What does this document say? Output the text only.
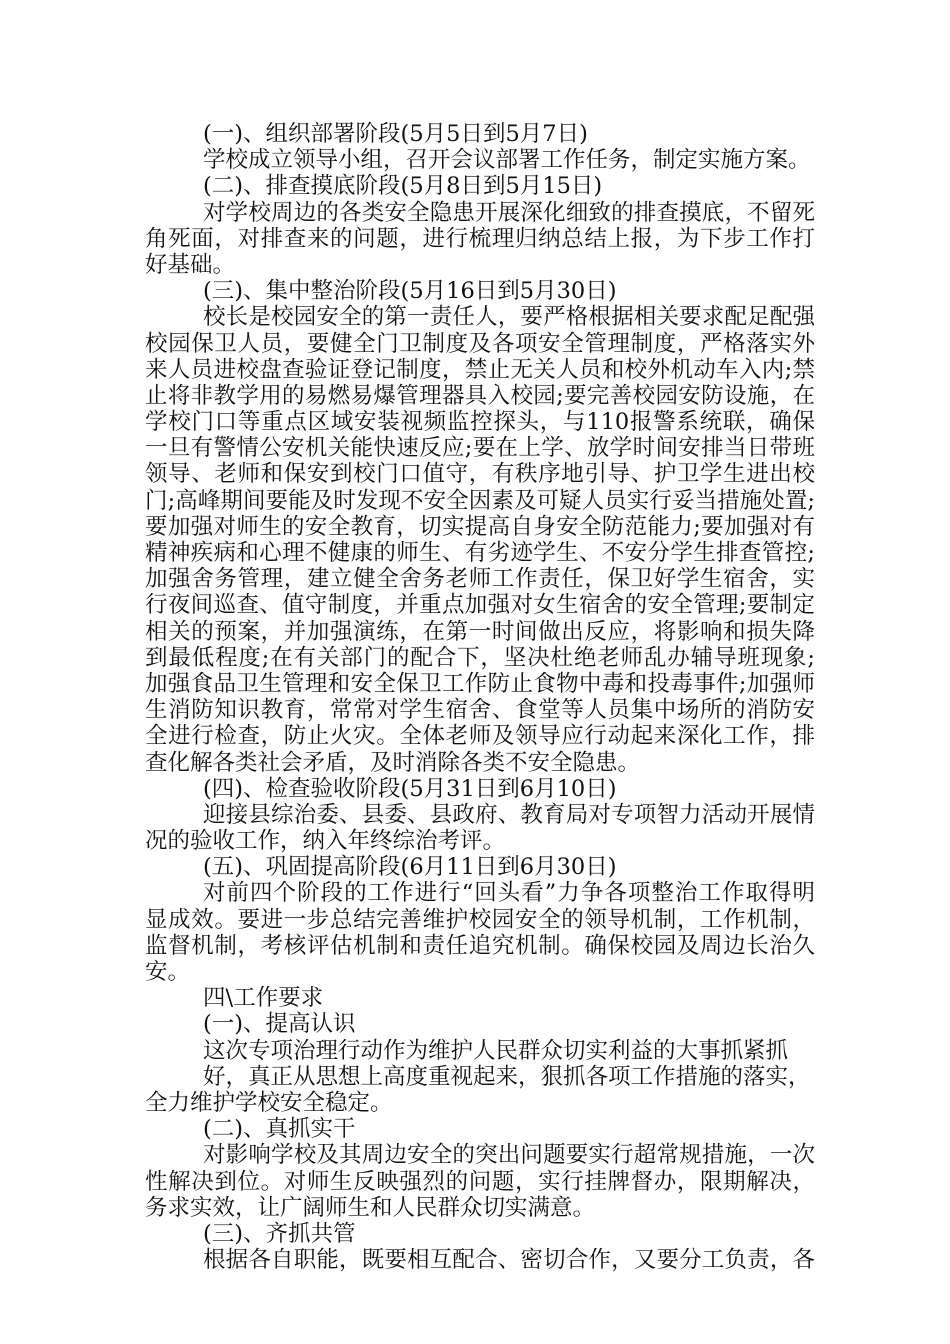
(一)、组织部署阶段(5月5日到5月7日)
学校成立领导小组，召开会议部署工作任务，制定实施方案。
(二)、排查摸底阶段(5月8日到5月15日)
对学校周边的各类安全隐患开展深化细致的排查摸底，不留死
角死面，对排查来的问题，进行梳理归纳总结上报，为下步工作打
好基础。
(三)、集中整治阶段(5月16日到5月30日)
校长是校园安全的第一责任人，要严格根据相关要求配足配强
校园保卫人员，要健全门卫制度及各项安全管理制度，严格落实外
来人员进校盘查验证登记制度，禁止无关人员和校外机动车入内;禁
止将非教学用的易燃易爆管理器具入校园;要完善校园安防设施，在
学校门口等重点区域安装视频监控探头，与110报警系统联，确保
一旦有警情公安机关能快速反应;要在上学、放学时间安排当日带班
领导、老师和保安到校门口值守，有秩序地引导、护卫学生进出校
门;高峰期间要能及时发现不安全因素及可疑人员实行妥当措施处置;
要加强对师生的安全教育，切实提高自身安全防范能力;要加强对有
精神疾病和心理不健康的师生、有劣迹学生、不安分学生排查管控;
加强舍务管理，建立健全舍务老师工作责任，保卫好学生宿舍，实
行夜间巡查、值守制度，并重点加强对女生宿舍的安全管理;要制定
相关的预案，并加强演练，在第一时间做出反应，将影响和损失降
到最低程度;在有关部门的配合下，坚决杜绝老师乱办辅导班现象;
加强食品卫生管理和安全保卫工作防止食物中毒和投毒事件;加强师
生消防知识教育，常常对学生宿舍、食堂等人员集中场所的消防安
全进行检查，防止火灾。全体老师及领导应行动起来深化工作，排
查化解各类社会矛盾，及时消除各类不安全隐患。
(四)、检查验收阶段(5月31日到6月10日)
迎接县综治委、县委、县政府、教育局对专项智力活动开展情
况的验收工作，纳入年终综治考评。
(五)、巩固提高阶段(6月11日到6月30日)
对前四个阶段的工作进行“回头看”力争各项整治工作取得明
显成效。要进一步总结完善维护校园安全的领导机制，工作机制，
监督机制，考核评估机制和责任追究机制。确保校园及周边长治久
安。
四\工作要求
(一)、提高认识
这次专项治理行动作为维护人民群众切实利益的大事抓紧抓
好，真正从思想上高度重视起来，狠抓各项工作措施的落实，
全力维护学校安全稳定。
(二)、真抓实干
对影响学校及其周边安全的突出问题要实行超常规措施，一次
性解决到位。对师生反映强烈的问题，实行挂牌督办，限期解决，
务求实效，让广阔师生和人民群众切实满意。
(三)、齐抓共管
根据各自职能，既要相互配合、密切合作，又要分工负责，各
